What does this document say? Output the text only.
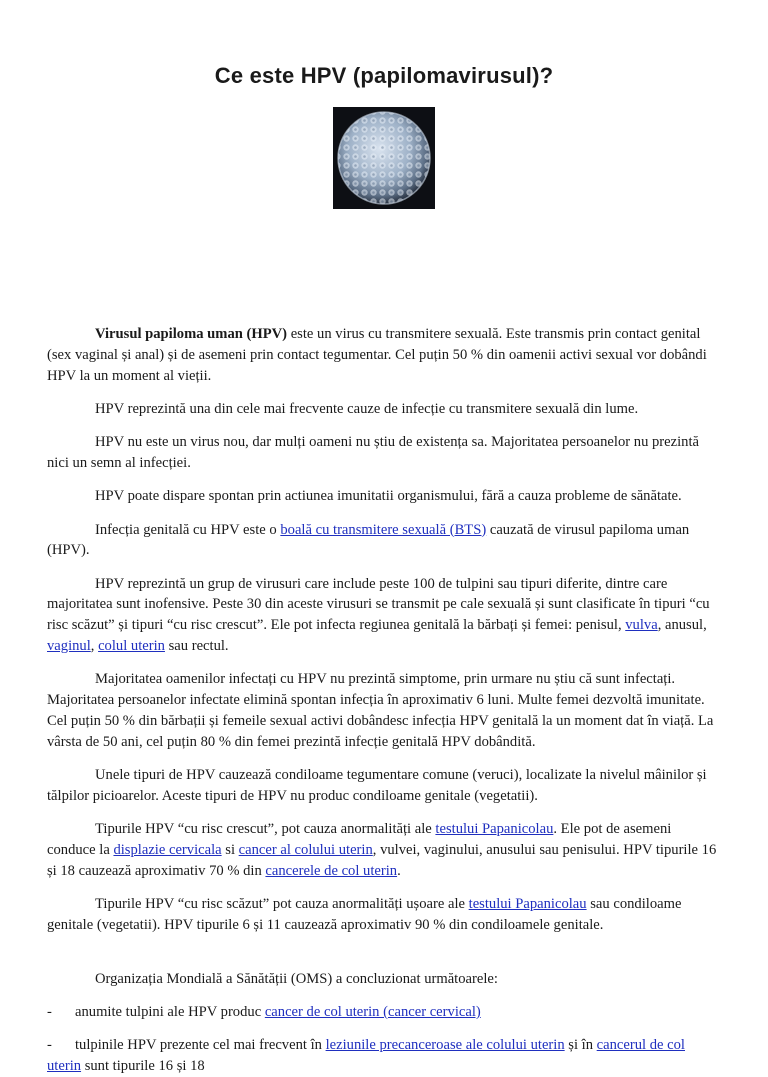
Ce este HPV (papilomavirusul)?

Virusul papiloma uman (HPV) este un virus cu transmitere sexuală. Este transmis prin contact genital (sex vaginal și anal) și de asemeni prin contact tegumentar. Cel puțin 50 % din oamenii activi sexual vor dobândi HPV la un moment al vieții.

HPV reprezintă una din cele mai frecvente cauze de infecție cu transmitere sexuală din lume.

HPV nu este un virus nou, dar mulți oameni nu știu de existența sa. Majoritatea persoanelor nu prezintă nici un semn al infecției.

HPV poate dispare spontan prin actiunea imunitatii organismului, fără a cauza probleme de sănătate.

Infecția genitală cu HPV este o boală cu transmitere sexuală (BTS) cauzată de virusul papiloma uman (HPV).

HPV reprezintă un grup de virusuri care include peste 100 de tulpini sau tipuri diferite, dintre care majoritatea sunt inofensive. Peste 30 din aceste virusuri se transmit pe cale sexuală și sunt clasificate în tipuri “cu risc scăzut” și tipuri “cu risc crescut”. Ele pot infecta regiunea genitală la bărbați și femei: penisul, vulva, anusul, vaginul, colul uterin sau rectul.

Majoritatea oamenilor infectați cu HPV nu prezintă simptome, prin urmare nu știu că sunt infectați. Majoritatea persoanelor infectate elimină spontan infecția în aproximativ 6 luni. Multe femei dezvoltă imunitate. Cel puțin 50 % din bărbații și femeile sexual activi dobândesc infecția HPV genitală la un moment dat în viață. La vârsta de 50 ani, cel puțin 80 % din femei prezintă infecție genitală HPV dobândită.

Unele tipuri de HPV cauzează condiloame tegumentare comune (veruci), localizate la nivelul mâinilor și tălpilor picioarelor. Aceste tipuri de HPV nu produc condiloame genitale (vegetatii).

Tipurile HPV “cu risc crescut”, pot cauza anormalități ale testului Papanicolau. Ele pot de asemeni conduce la displazie cervicala si cancer al colului uterin, vulvei, vaginului, anusului sau penisului. HPV tipurile 16 și 18 cauzează aproximativ 70 % din cancerele de col uterin.

Tipurile HPV “cu risc scăzut” pot cauza anormalități ușoare ale testului Papanicolau sau condiloame genitale (vegetatii). HPV tipurile 6 și 11 cauzează aproximativ 90 % din condiloamele genitale.

Organizația Mondială a Sănătății (OMS) a concluzionat următoarele:

- anumite tulpini ale HPV produc cancer de col uterin (cancer cervical)

- tulpinile HPV prezente cel mai frecvent în leziunile precanceroase ale colului uterin și în cancerul de col uterin sunt tipurile 16 și 18
